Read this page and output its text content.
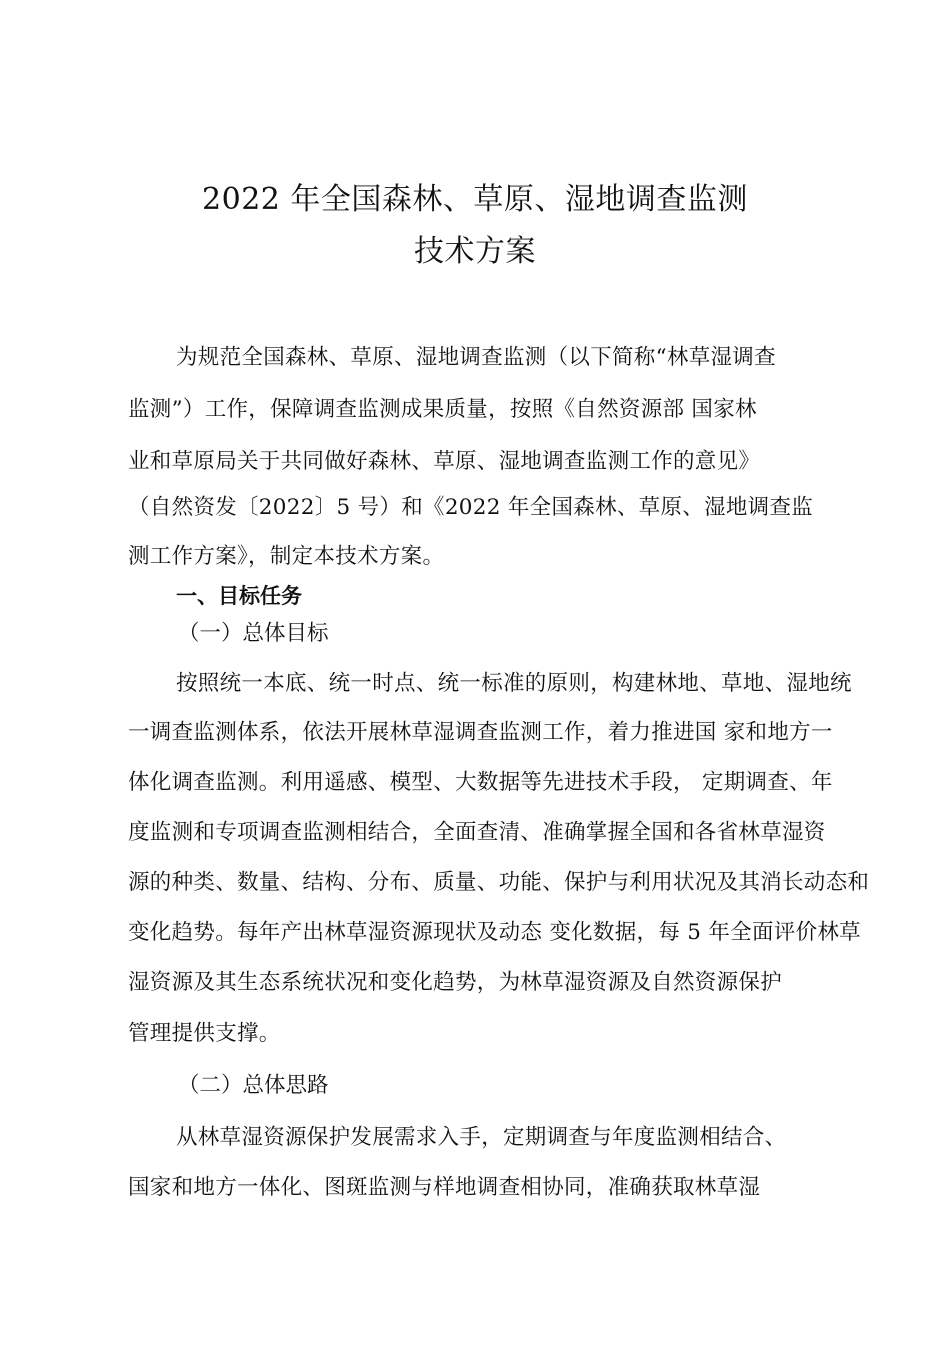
2022 年全国森林、草原、湿地调查监测
技术方案
为规范全国森林、草原、湿地调查监测（以下简称“林草湿调查
监测”）工作，保障调查监测成果质量，按照《自然资源部 国家林
业和草原局关于共同做好森林、草原、湿地调查监测工作的意见》
（自然资发〔2022〕5 号）和《2022 年全国森林、草原、湿地调查监
测工作方案》，制定本技术方案。
一、目标任务
（一）总体目标
按照统一本底、统一时点、统一标准的原则，构建林地、草地、湿地统
一调查监测体系，依法开展林草湿调查监测工作，着力推进国 家和地方一
体化调查监测。利用遥感、模型、大数据等先进技术手段， 定期调查、年
度监测和专项调查监测相结合，全面查清、准确掌握全国和各省林草湿资
源的种类、数量、结构、分布、质量、功能、保护与利用状况及其消长动态和
变化趋势。每年产出林草湿资源现状及动态 变化数据，每 5 年全面评价林草
湿资源及其生态系统状况和变化趋势，为林草湿资源及自然资源保护
管理提供支撑。
（二）总体思路
从林草湿资源保护发展需求入手，定期调查与年度监测相结合、
国家和地方一体化、图斑监测与样地调查相协同，准确获取林草湿
